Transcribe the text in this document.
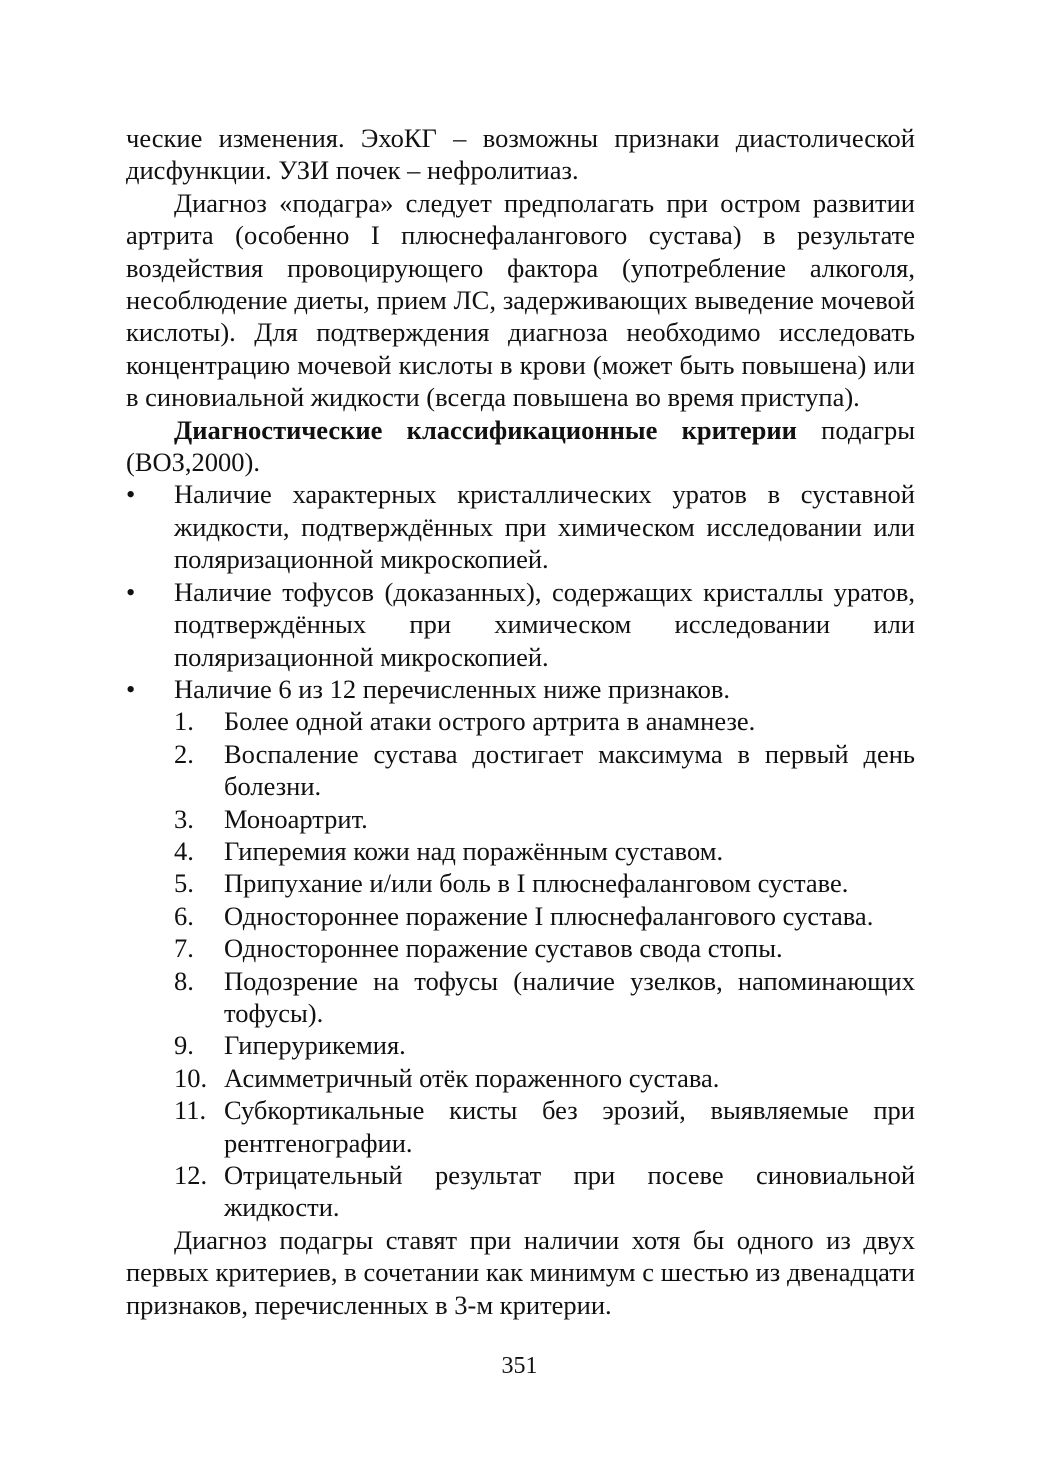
ческие изменения. ЭхоКГ – возможны признаки диастолической дисфункции. УЗИ почек – нефролитиаз.

Диагноз «подагра» следует предполагать при остром развитии артрита (особенно I плюснефалангового сустава) в результате воздействия провоцирующего фактора (употребление алкоголя, несоблюдение диеты, прием ЛС, задерживающих выведение мочевой кислоты). Для подтверждения диагноза необходимо исследовать концентрацию мочевой кислоты в крови (может быть повышена) или в синовиальной жидкости (всегда повышена во время приступа).

Диагностические классификационные критерии подагры (ВОЗ,2000).

• Наличие характерных кристаллических уратов в суставной жидкости, подтверждённых при химическом исследовании или поляризационной микроскопией.

• Наличие тофусов (доказанных), содержащих кристаллы уратов, подтверждённых при химическом исследовании или поляризационной микроскопией.

• Наличие 6 из 12 перечисленных ниже признаков.

1. Более одной атаки острого артрита в анамнезе.

2. Воспаление сустава достигает максимума в первый день болезни.

3. Моноартрит.

4. Гиперемия кожи над поражённым суставом.

5. Припухание и/или боль в I плюснефаланговом суставе.

6. Одностороннее поражение I плюснефалангового сустава.

7. Одностороннее поражение суставов свода стопы.

8. Подозрение на тофусы (наличие узелков, напоминающих тофусы).

9. Гиперурикемия.

10. Асимметричный отёк пораженного сустава.

11. Субкортикальные кисты без эрозий, выявляемые при рентгенографии.

12. Отрицательный результат при посеве синовиальной жидкости.

Диагноз подагры ставят при наличии хотя бы одного из двух первых критериев, в сочетании как минимум с шестью из двенадцати признаков, перечисленных в 3-м критерии.

351
